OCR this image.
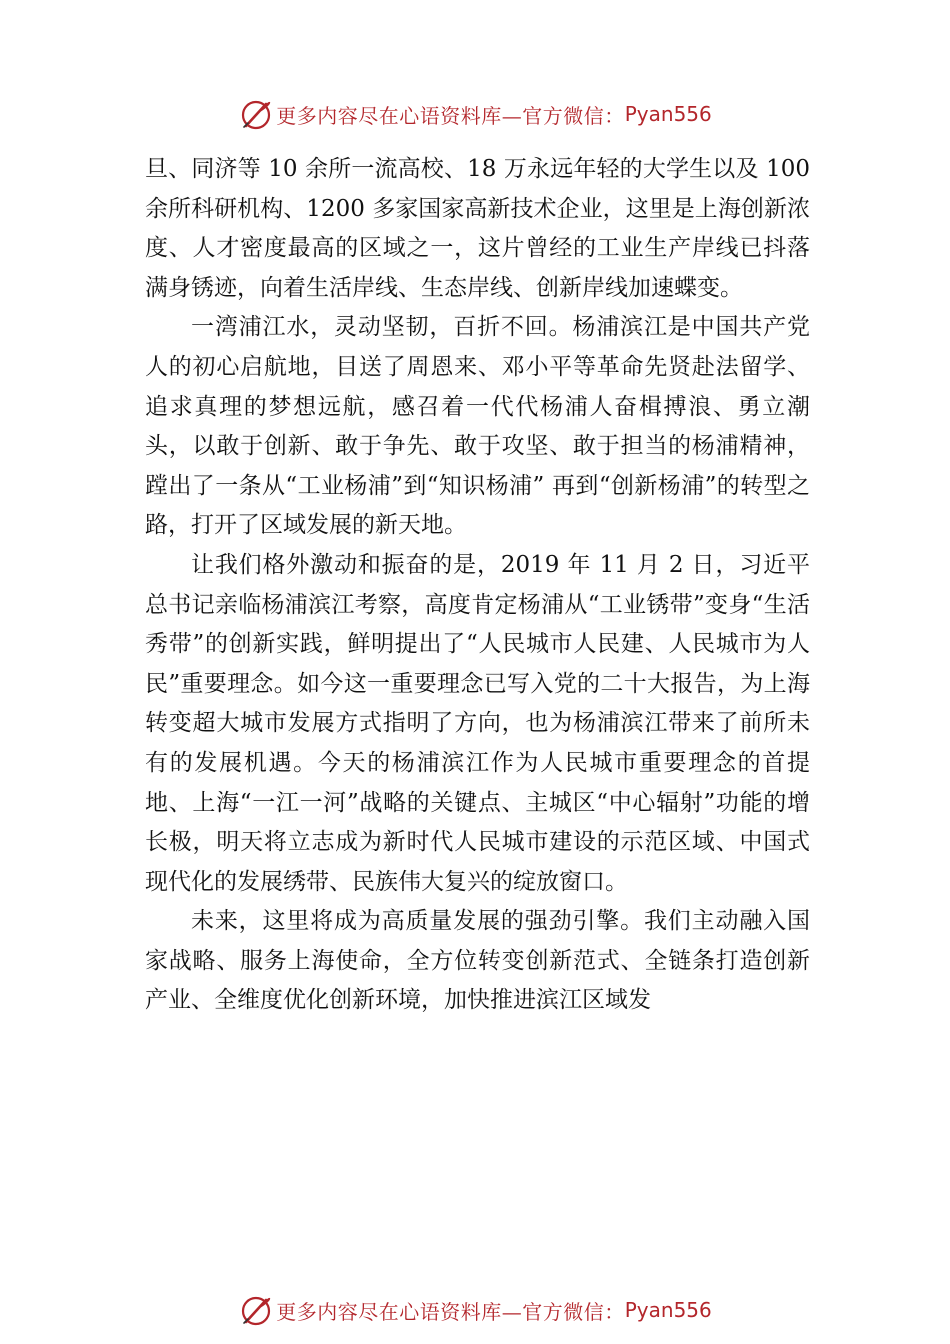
更多内容尽在心语资料库—官方微信： Pyan556

旦、同济等 10 余所一流高校、18 万永远年轻的大学生以及 100 余所科研机构、1200 多家国家高新技术企业，这里是上海创新浓度、人才密度最高的区域之一，这片曾经的工业生产岸线已抖落满身锈迹，向着生活岸线、生态岸线、创新岸线加速蝶变。

一湾浦江水，灵动坚韧，百折不回。杨浦滨江是中国共产党人的初心启航地，目送了周恩来、邓小平等革命先贤赴法留学、追求真理的梦想远航，感召着一代代杨浦人奋楫搏浪、勇立潮头，以敢于创新、敢于争先、敢于攻坚、敢于担当的杨浦精神，蹚出了一条从“工业杨浦”到“知识杨浦” 再到“创新杨浦”的转型之路，打开了区域发展的新天地。

让我们格外激动和振奋的是，2019 年 11 月 2 日，习近平总书记亲临杨浦滨江考察，高度肯定杨浦从“工业锈带”变身“生活秀带”的创新实践，鲜明提出了“人民城市人民建、人民城市为人民”重要理念。如今这一重要理念已写入党的二十大报告，为上海转变超大城市发展方式指明了方向，也为杨浦滨江带来了前所未有的发展机遇。今天的杨浦滨江作为人民城市重要理念的首提地、上海“一江一河”战略的关键点、主城区“中心辐射”功能的增长极，明天将立志成为新时代人民城市建设的示范区域、中国式现代化的发展绣带、民族伟大复兴的绽放窗口。

未来，这里将成为高质量发展的强劲引擎。我们主动融入国家战略、服务上海使命，全方位转变创新范式、全链条打造创新产业、全维度优化创新环境，加快推进滨江区域发

更多内容尽在心语资料库—官方微信： Pyan556
